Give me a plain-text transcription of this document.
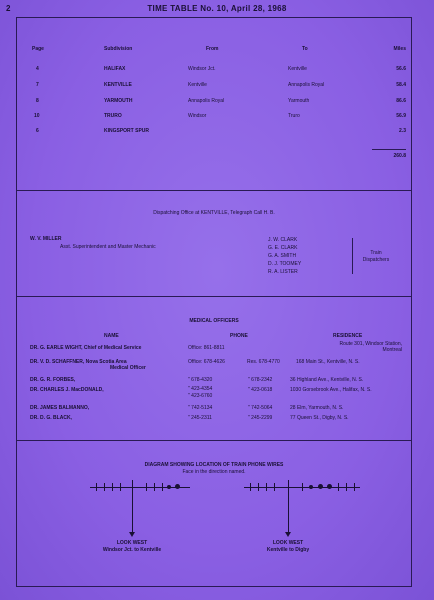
2	TIME TABLE No. 10, April 28, 1968
Page	Subdivision	From	To	Miles
4	HALIFAX	Windsor Jct.	Kentville	56.6
7	KENTVILLE	Kentville	Annapolis Royal	58.4
8	YARMOUTH	Annapolis Royal	Yarmouth	86.6
10	TRURO	Windsor	Truro	56.9
6	KINGSPORT SPUR	2.3
260.8
Dispatching Office at KENTVILLE, Telegraph Call H. B.
W. V. MILLER
Asst. Superintendent and Master Mechanic
J. W. CLARK
G. E. CLARK
G. A. SMITH
D. J. TOOMEY
R. A. LISTER
Train
Dispatchers
MEDICAL OFFICERS
NAME	PHONE	RESIDENCE
DR. G. EARLE WIGHT, Chief of Medical Service	Office: 861-8811
Route 301, Windsor Station,
Montreal
DR. V. D. SCHAFFNER, Nova Scotia Area
Medical Officer
Office: 678-4626	Res. 678-4770	168 Main St., Kentville, N. S.
DR. G. R. FORBES,	" 678-4320	" 678-2342	36 Highland Ave., Kentville, N. S.
DR. CHARLES J. MacDONALD,	" 423-4354
" 423-6760
" 423-0618	1030 Gorsebrook Ave., Halifax, N. S.
DR. JAMES BALMANNO,	" 742-5134	" 742-5064	28 Elm, Yarmouth, N. S.
DR. D. G. BLACK,	" 245-2311	" 245-2299	77 Queen St., Digby, N. S.
DIAGRAM SHOWING LOCATION OF TRAIN PHONE WIRES
Face in the direction named.
LOOK WEST
Windsor Jct. to Kentville
LOOK WEST
Kentville to Digby
